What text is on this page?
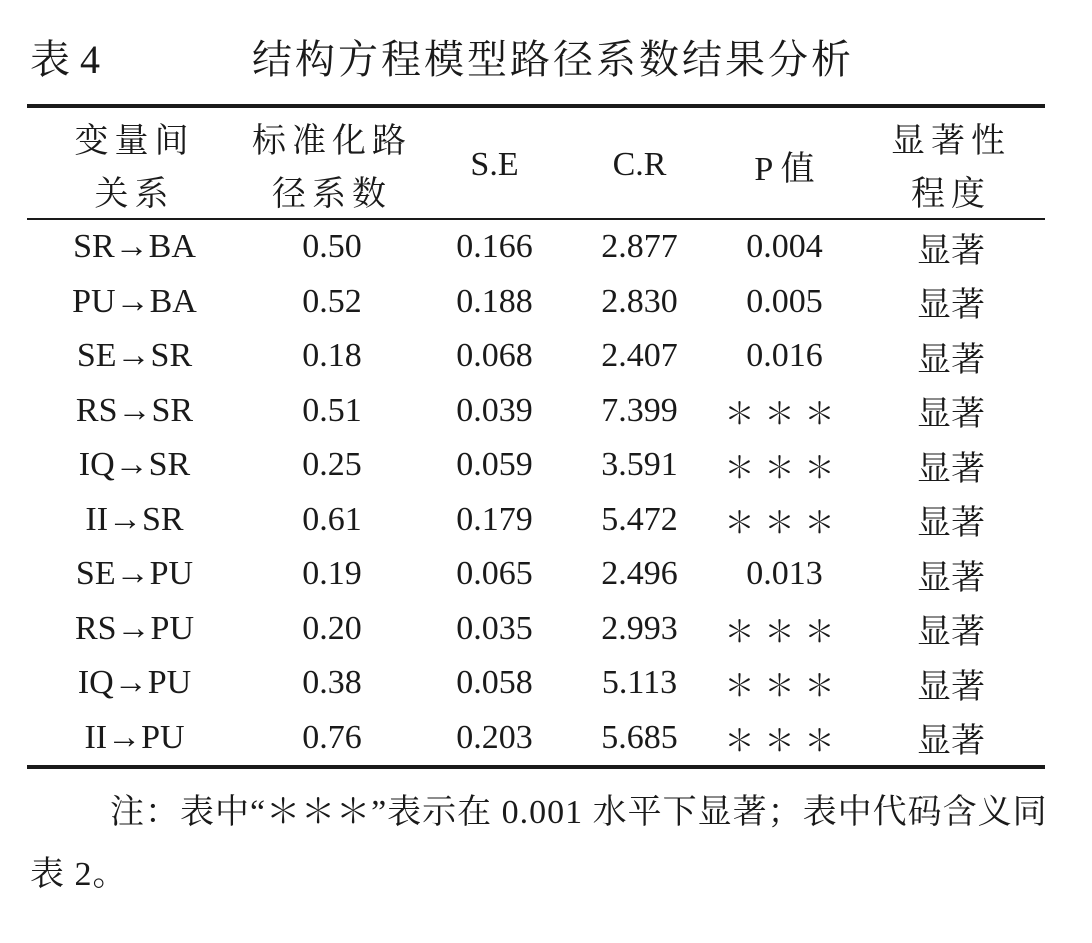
表 4	结构方程模型路径系数结果分析
变量间	标准化路	S.E	C.R	P 值	显著性
关系	径系数				程度
SR→BA	0.50	0.166	2.877	0.004	显著
PU→BA	0.52	0.188	2.830	0.005	显著
SE→SR	0.18	0.068	2.407	0.016	显著
RS→SR	0.51	0.039	7.399	＊＊＊	显著
IQ→SR	0.25	0.059	3.591	＊＊＊	显著
II→SR	0.61	0.179	5.472	＊＊＊	显著
SE→PU	0.19	0.065	2.496	0.013	显著
RS→PU	0.20	0.035	2.993	＊＊＊	显著
IQ→PU	0.38	0.058	5.113	＊＊＊	显著
II→PU	0.76	0.203	5.685	＊＊＊	显著
注：表中“＊＊＊”表示在 0.001 水平下显著；表中代码含义同表 2。
